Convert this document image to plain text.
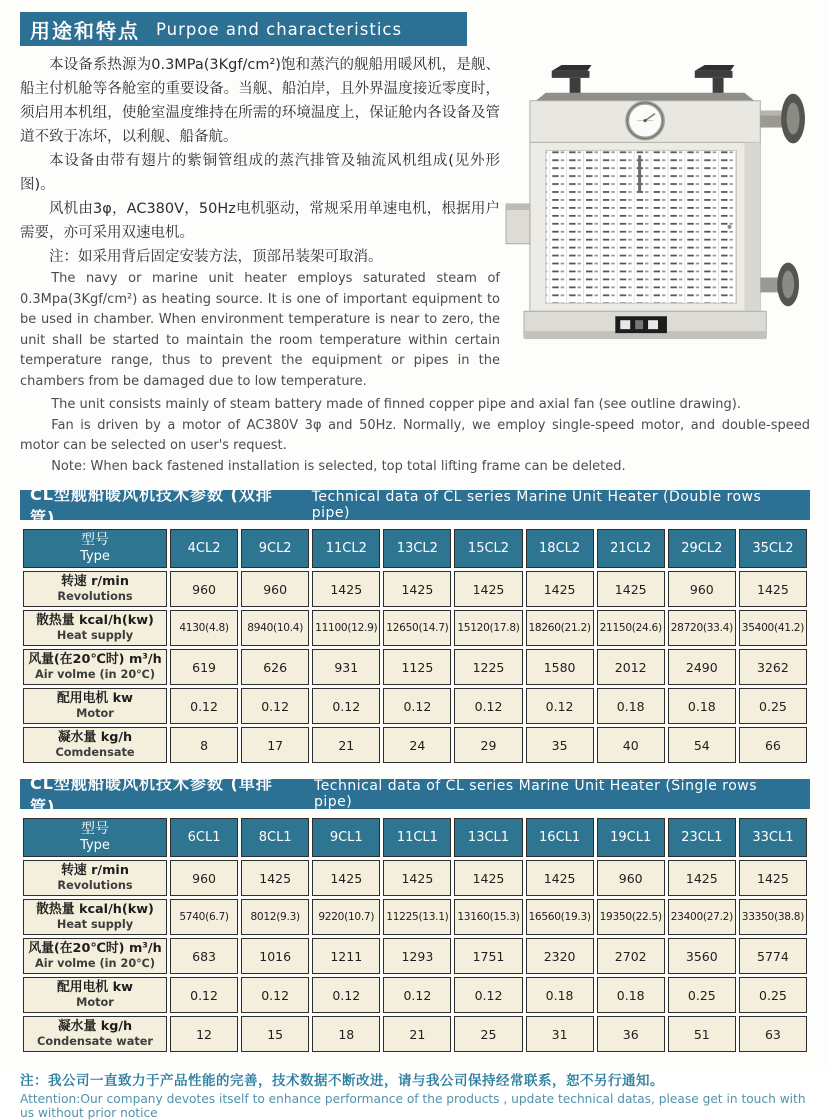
用途和特点 Purpoe and characteristics

本设备系热源为0.3MPa(3Kgf/cm²)饱和蒸汽的舰船用暖风机，是舰、船主付机舱等各舱室的重要设备。当舰、船泊岸，且外界温度接近零度时，须启用本机组，使舱室温度维持在所需的环境温度上，保证舱内各设备及管道不致于冻坏，以利舰、船备航。

本设备由带有翅片的紫铜管组成的蒸汽排管及轴流风机组成(见外形图)。

风机由3φ，AC380V，50Hz电机驱动，常规采用单速电机，根据用户需要，亦可采用双速电机。

注：如采用背后固定安装方法，顶部吊装架可取消。

The navy or marine unit heater employs saturated steam of 0.3Mpa(3Kgf/cm²) as heating source. It is one of important equipment to be used in chamber. When environment temperature is near to zero, the unit shall be started to maintain the room temperature within certain temperature range, thus to prevent the equipment or pipes in the chambers from be damaged due to low temperature.

The unit consists mainly of steam battery made of finned copper pipe and axial fan (see outline drawing).

Fan is driven by a motor of AC380V 3φ and 50Hz. Normally, we employ single-speed motor, and double-speed motor can be selected on user's request.

Note: When back fastened installation is selected, top total lifting frame can be deleted.

CL型舰船暖风机技术参数 (双排管)
Technical data of CL series Marine Unit Heater (Double rows pipe)
型号
Type	4CL2	9CL2	11CL2	13CL2	15CL2	18CL2	21CL2	29CL2	35CL2

转速 r/min
Revolutions	960	960	1425	1425	1425	1425	1425	960	1425

散热量 kcal/h(kw)
Heat supply	4130(4.8)	8940(10.4)	11100(12.9)	12650(14.7)	15120(17.8)	18260(21.2)	21150(24.6)	28720(33.4)	35400(41.2)

风量(在20℃时) m³/h
Air volme (in 20℃)	619	626	931	1125	1225	1580	2012	2490	3262

配用电机 kw
Motor	0.12	0.12	0.12	0.12	0.12	0.12	0.18	0.18	0.25

凝水量 kg/h
Comdensate	8	17	21	24	29	35	40	54	66
CL型舰船暖风机技术参数 (单排管)
Technical data of CL series Marine Unit Heater (Single rows pipe)
型号
Type	6CL1	8CL1	9CL1	11CL1	13CL1	16CL1	19CL1	23CL1	33CL1

转速 r/min
Revolutions	960	1425	1425	1425	1425	1425	960	1425	1425

散热量 kcal/h(kw)
Heat supply	5740(6.7)	8012(9.3)	9220(10.7)	11225(13.1)	13160(15.3)	16560(19.3)	19350(22.5)	23400(27.2)	33350(38.8)

风量(在20℃时) m³/h
Air volme (in 20℃)	683	1016	1211	1293	1751	2320	2702	3560	5774

配用电机 kw
Motor	0.12	0.12	0.12	0.12	0.12	0.18	0.18	0.25	0.25

凝水量 kg/h
Condensate water	12	15	18	21	25	31	36	51	63

注：我公司一直致力于产品性能的完善，技术数据不断改进，请与我公司保持经常联系，恕不另行通知。

Attention:Our company devotes itself to enhance performance of the products , update technical datas, please get in touch with us without prior notice
